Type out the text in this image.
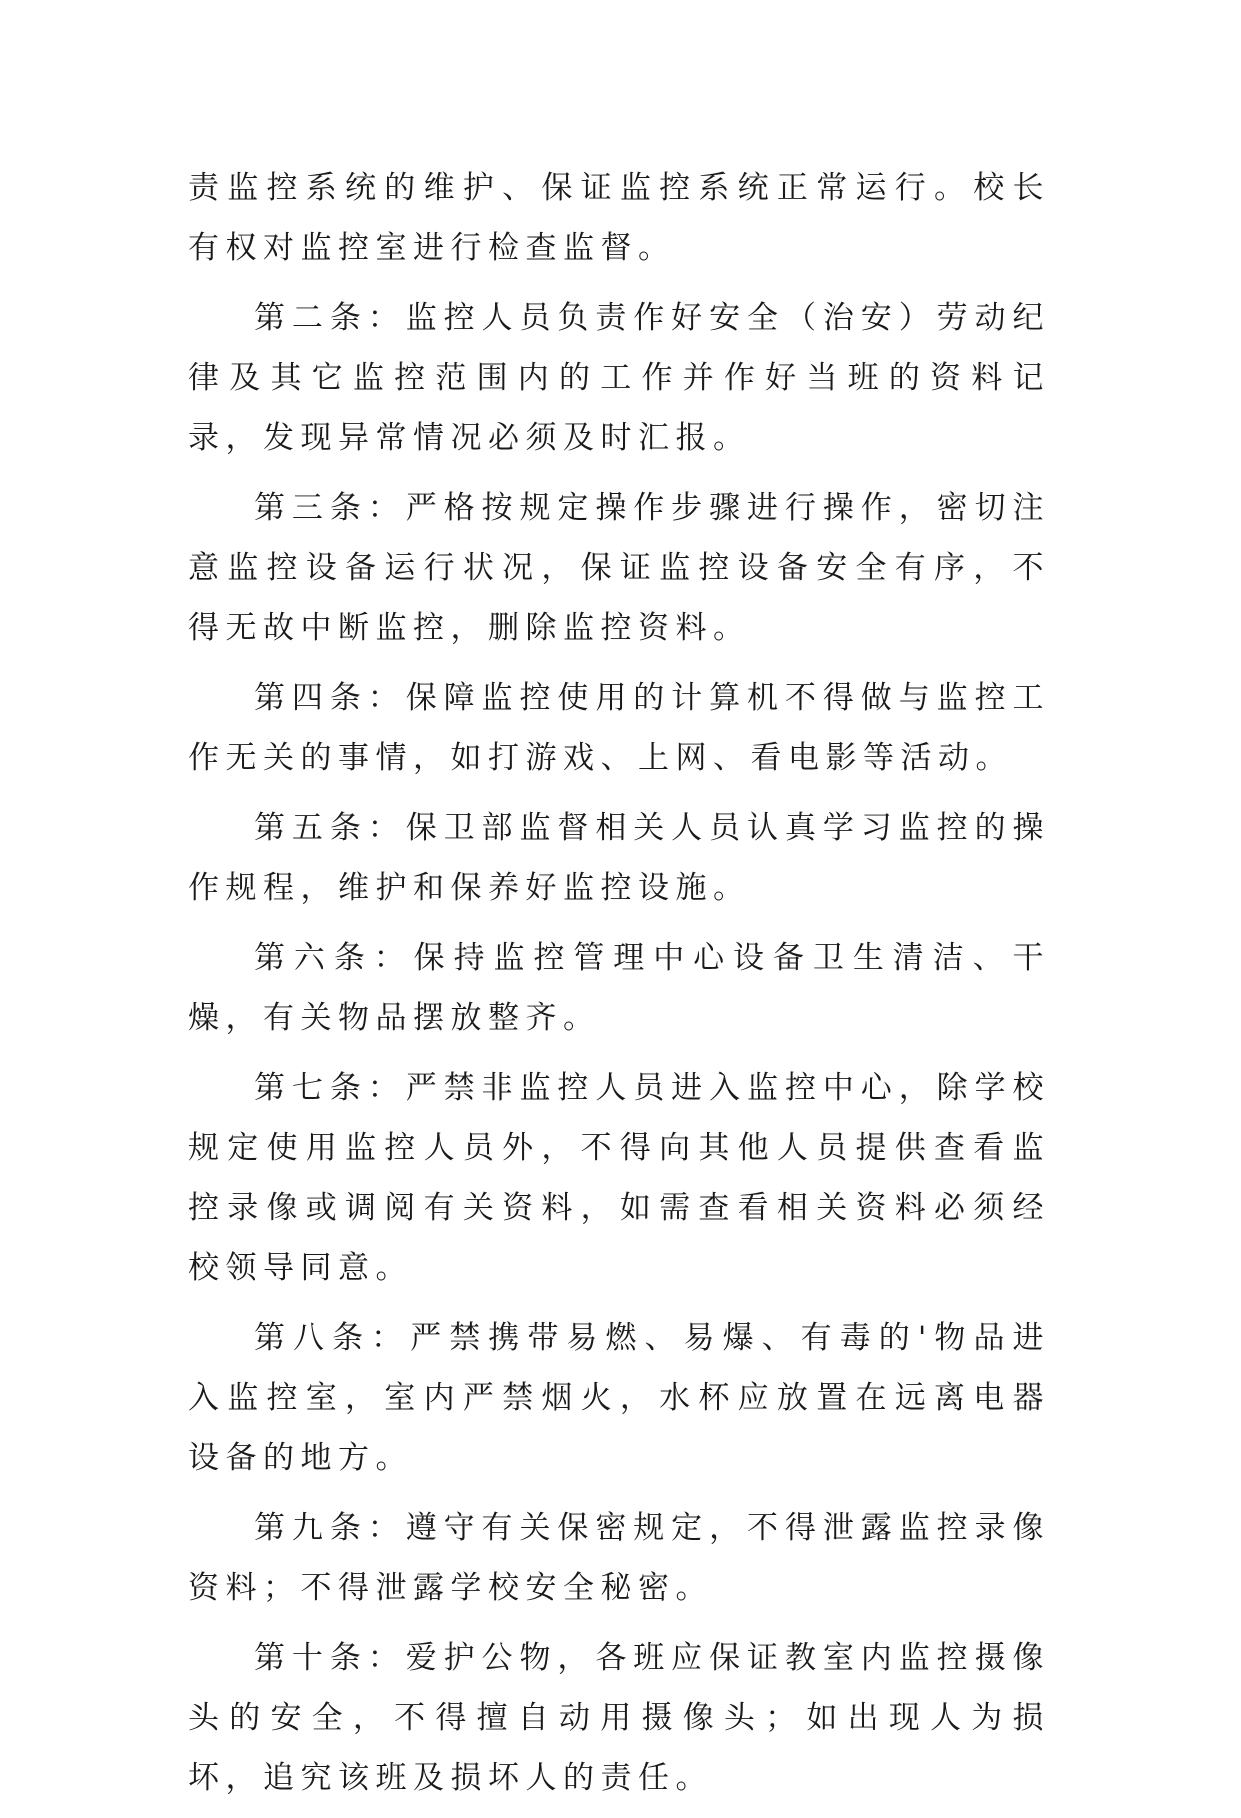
责监控系统的维护、保证监控系统正常运行。校长有权对监控室进行检查监督。

第二条：监控人员负责作好安全（治安）劳动纪律及其它监控范围内的工作并作好当班的资料记录，发现异常情况必须及时汇报。

第三条：严格按规定操作步骤进行操作，密切注意监控设备运行状况，保证监控设备安全有序，不得无故中断监控，删除监控资料。

第四条：保障监控使用的计算机不得做与监控工作无关的事情，如打游戏、上网、看电影等活动。

第五条：保卫部监督相关人员认真学习监控的操作规程，维护和保养好监控设施。

第六条：保持监控管理中心设备卫生清洁、干燥，有关物品摆放整齐。

第七条：严禁非监控人员进入监控中心，除学校规定使用监控人员外，不得向其他人员提供查看监控录像或调阅有关资料，如需查看相关资料必须经校领导同意。

第八条：严禁携带易燃、易爆、有毒的'物品进入监控室，室内严禁烟火，水杯应放置在远离电器设备的地方。

第九条：遵守有关保密规定，不得泄露监控录像资料；不得泄露学校安全秘密。

第十条：爱护公物，各班应保证教室内监控摄像头的安全，不得擅自动用摄像头；如出现人为损坏，追究该班及损坏人的责任。
